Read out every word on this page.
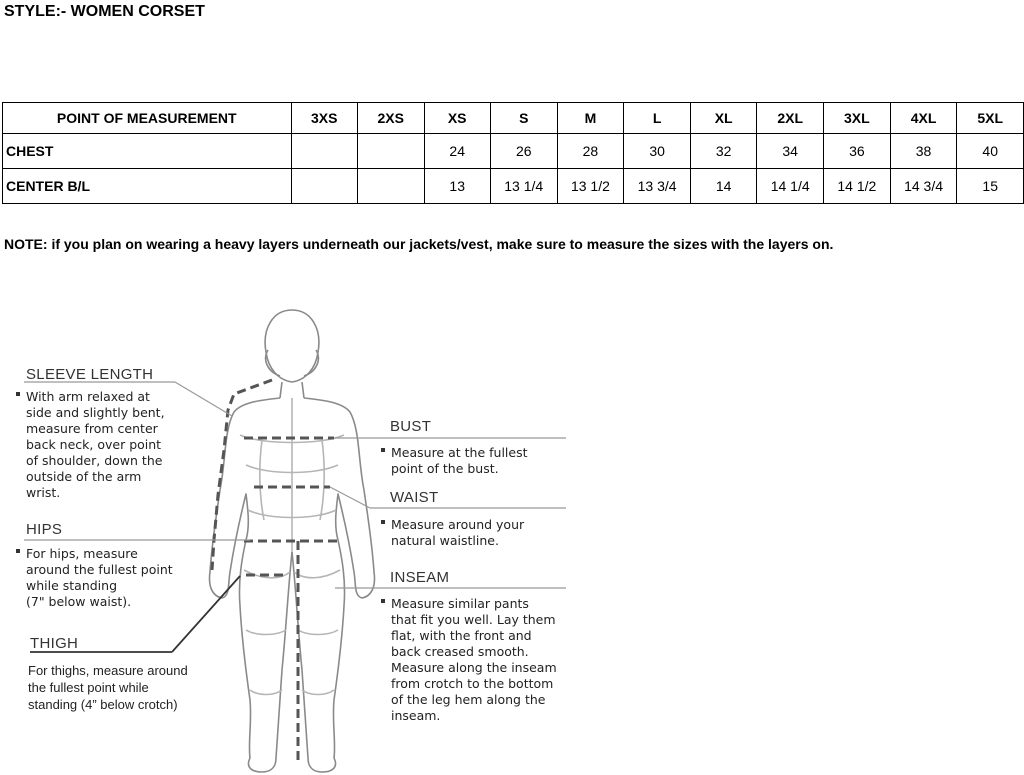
STYLE:- WOMEN CORSET
POINT OF MEASUREMENT	3XS	2XS	XS	S	M	L	XL	2XL	3XL	4XL	5XL
CHEST			24	26	28	30	32	34	36	38	40
CENTER B/L			13	13 1/4	13 1/2	13 3/4	14	14 1/4	14 1/2	14 3/4	15
NOTE: if you plan on wearing a heavy layers underneath our jackets/vest, make sure to measure the sizes with the layers on.
SLEEVE LENGTH
With arm relaxed at
side and slightly bent,
measure from center
back neck, over point
of shoulder, down the
outside of the arm
wrist.
HIPS
For hips, measure
around the fullest point
while standing
(7" below waist).
THIGH
For thighs, measure around
the fullest point while
standing (4” below crotch)
BUST
Measure at the fullest
point of the bust.
WAIST
Measure around your
natural waistline.
INSEAM
Measure similar pants
that fit you well. Lay them
flat, with the front and
back creased smooth.
Measure along the inseam
from crotch to the bottom
of the leg hem along the
inseam.
